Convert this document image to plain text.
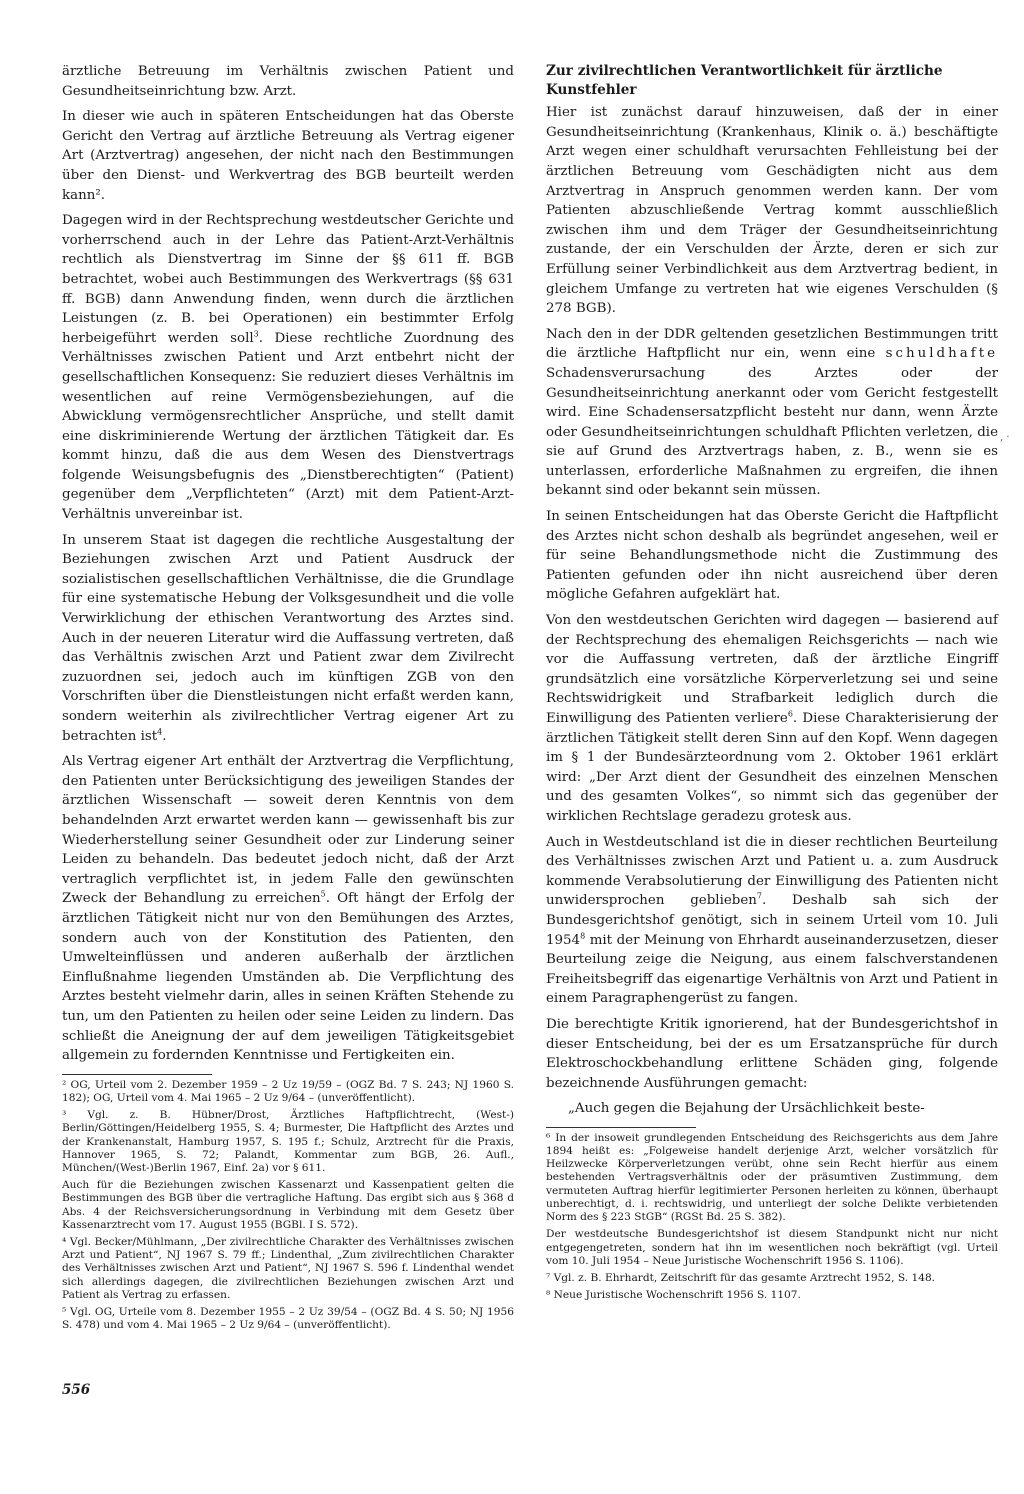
ärztliche Betreuung im Verhältnis zwischen Patient und Gesundheitseinrichtung bzw. Arzt.

In dieser wie auch in späteren Entscheidungen hat das Oberste Gericht den Vertrag auf ärztliche Betreuung als Vertrag eigener Art (Arztvertrag) angesehen, der nicht nach den Bestimmungen über den Dienst- und Werkvertrag des BGB beurteilt werden kann².

Dagegen wird in der Rechtsprechung westdeutscher Gerichte und vorherrschend auch in der Lehre das Patient-Arzt-Verhältnis rechtlich als Dienstvertrag im Sinne der §§ 611 ff. BGB betrachtet, wobei auch Bestimmungen des Werkvertrags (§§ 631 ff. BGB) dann Anwendung finden, wenn durch die ärztlichen Leistungen (z. B. bei Operationen) ein bestimmter Erfolg herbeigeführt werden soll$^3$. Diese rechtliche Zuordnung des Verhältnisses zwischen Patient und Arzt entbehrt nicht der gesellschaftlichen Konsequenz: Sie reduziert dieses Verhältnis im wesentlichen auf reine Vermögensbeziehungen, auf die Abwicklung vermögensrechtlicher Ansprüche, und stellt damit eine diskriminierende Wertung der ärztlichen Tätigkeit dar. Es kommt hinzu, daß die aus dem Wesen des Dienstvertrags folgende Weisungsbefugnis des „Dienstberechtigten“ (Patient) gegenüber dem „Verpflichteten“ (Arzt) mit dem Patient-Arzt-Verhältnis unvereinbar ist.

In unserem Staat ist dagegen die rechtliche Ausgestaltung der Beziehungen zwischen Arzt und Patient Ausdruck der sozialistischen gesellschaftlichen Verhältnisse, die die Grundlage für eine systematische Hebung der Volksgesundheit und die volle Verwirklichung der ethischen Verantwortung des Arztes sind. Auch in der neueren Literatur wird die Auffassung vertreten, daß das Verhältnis zwischen Arzt und Patient zwar dem Zivilrecht zuzuordnen sei, jedoch auch im künftigen ZGB von den Vorschriften über die Dienstleistungen nicht erfaßt werden kann, sondern weiterhin als zivilrechtlicher Vertrag eigener Art zu betrachten ist$^4$.

Als Vertrag eigener Art enthält der Arztvertrag die Verpflichtung, den Patienten unter Berücksichtigung des jeweiligen Standes der ärztlichen Wissenschaft — soweit deren Kenntnis von dem behandelnden Arzt erwartet werden kann — gewissenhaft bis zur Wiederherstellung seiner Gesundheit oder zur Linderung seiner Leiden zu behandeln. Das bedeutet jedoch nicht, daß der Arzt vertraglich verpflichtet ist, in jedem Falle den gewünschten Zweck der Behandlung zu erreichen$^5$. Oft hängt der Erfolg der ärztlichen Tätigkeit nicht nur von den Bemühungen des Arztes, sondern auch von der Konstitution des Patienten, den Umwelteinflüssen und anderen außerhalb der ärztlichen Einflußnahme liegenden Umständen ab. Die Verpflichtung des Arztes besteht vielmehr darin, alles in seinen Kräften Stehende zu tun, um den Patienten zu heilen oder seine Leiden zu lindern. Das schließt die Aneignung der auf dem jeweiligen Tätigkeitsgebiet allgemein zu fordernden Kenntnisse und Fertigkeiten ein.

² OG, Urteil vom 2. Dezember 1959 – 2 Uz 19/59 – (OGZ Bd. 7 S. 243; NJ 1960 S. 182); OG, Urteil vom 4. Mai 1965 – 2 Uz 9/64 – (unveröffentlicht).

³ Vgl. z. B. Hübner/Drost, Ärztliches Haftpflichtrecht, (West-) Berlin/Göttingen/Heidelberg 1955, S. 4; Burmester, Die Haftpflicht des Arztes und der Krankenanstalt, Hamburg 1957, S. 195 f.; Schulz, Arztrecht für die Praxis, Hannover 1965, S. 72; Palandt, Kommentar zum BGB, 26. Aufl., München/(West-)Berlin 1967, Einf. 2a) vor § 611.

Auch für die Beziehungen zwischen Kassenarzt und Kassenpatient gelten die Bestimmungen des BGB über die vertragliche Haftung. Das ergibt sich aus § 368 d Abs. 4 der Reichsversicherungsordnung in Verbindung mit dem Gesetz über Kassenarztrecht vom 17. August 1955 (BGBl. I S. 572).

⁴ Vgl. Becker/Mühlmann, „Der zivilrechtliche Charakter des Verhältnisses zwischen Arzt und Patient“, NJ 1967 S. 79 ff.; Lindenthal, „Zum zivilrechtlichen Charakter des Verhältnisses zwischen Arzt und Patient“, NJ 1967 S. 596 f. Lindenthal wendet sich allerdings dagegen, die zivilrechtlichen Beziehungen zwischen Arzt und Patient als Vertrag zu erfassen.

⁵ Vgl. OG, Urteile vom 8. Dezember 1955 – 2 Uz 39/54 – (OGZ Bd. 4 S. 50; NJ 1956 S. 478) und vom 4. Mai 1965 – 2 Uz 9/64 – (unveröffentlicht).

Zur zivilrechtlichen Verantwortlichkeit für ärztliche Kunstfehler

Hier ist zunächst darauf hinzuweisen, daß der in einer Gesundheitseinrichtung (Krankenhaus, Klinik o. ä.) beschäftigte Arzt wegen einer schuldhaft verursachten Fehlleistung bei der ärztlichen Betreuung vom Geschädigten nicht aus dem Arztvertrag in Anspruch genommen werden kann. Der vom Patienten abzuschließende Vertrag kommt ausschließlich zwischen ihm und dem Träger der Gesundheitseinrichtung zustande, der ein Verschulden der Ärzte, deren er sich zur Erfüllung seiner Verbindlichkeit aus dem Arztvertrag bedient, in gleichem Umfange zu vertreten hat wie eigenes Verschulden (§ 278 BGB).

Nach den in der DDR geltenden gesetzlichen Bestimmungen tritt die ärztliche Haftpflicht nur ein, wenn eine schuldhafte Schadensverursachung des Arztes oder der Gesundheitseinrichtung anerkannt oder vom Gericht festgestellt wird. Eine Schadensersatzpflicht besteht nur dann, wenn Ärzte oder Gesundheitseinrichtungen schuldhaft Pflichten verletzen, die sie auf Grund des Arztvertrags haben, z. B., wenn sie es unterlassen, erforderliche Maßnahmen zu ergreifen, die ihnen bekannt sind oder bekannt sein müssen.

In seinen Entscheidungen hat das Oberste Gericht die Haftpflicht des Arztes nicht schon deshalb als begründet angesehen, weil er für seine Behandlungsmethode nicht die Zustimmung des Patienten gefunden oder ihn nicht ausreichend über deren mögliche Gefahren aufgeklärt hat.

Von den westdeutschen Gerichten wird dagegen — basierend auf der Rechtsprechung des ehemaligen Reichsgerichts — nach wie vor die Auffassung vertreten, daß der ärztliche Eingriff grundsätzlich eine vorsätzliche Körperverletzung sei und seine Rechtswidrigkeit und Strafbarkeit lediglich durch die Einwilligung des Patienten verliere$^6$. Diese Charakterisierung der ärztlichen Tätigkeit stellt deren Sinn auf den Kopf. Wenn dagegen im § 1 der Bundesärzteordnung vom 2. Oktober 1961 erklärt wird: „Der Arzt dient der Gesundheit des einzelnen Menschen und des gesamten Volkes“, so nimmt sich das gegenüber der wirklichen Rechtslage geradezu grotesk aus.

Auch in Westdeutschland ist die in dieser rechtlichen Beurteilung des Verhältnisses zwischen Arzt und Patient u. a. zum Ausdruck kommende Verabsolutierung der Einwilligung des Patienten nicht unwidersprochen geblieben$^7$. Deshalb sah sich der Bundesgerichtshof genötigt, sich in seinem Urteil vom 10. Juli 1954$^8$ mit der Meinung von Ehrhardt auseinanderzusetzen, dieser Beurteilung zeige die Neigung, aus einem falschverstandenen Freiheitsbegriff das eigenartige Verhältnis von Arzt und Patient in einem Paragraphengerüst zu fangen.

Die berechtigte Kritik ignorierend, hat der Bundesgerichtshof in dieser Entscheidung, bei der es um Ersatzansprüche für durch Elektroschockbehandlung erlittene Schäden ging, folgende bezeichnende Ausführungen gemacht:

„Auch gegen die Bejahung der Ursächlichkeit beste-

⁶ In der insoweit grundlegenden Entscheidung des Reichsgerichts aus dem Jahre 1894 heißt es: „Folgeweise handelt derjenige Arzt, welcher vorsätzlich für Heilzwecke Körperverletzungen verübt, ohne sein Recht hierfür aus einem bestehenden Vertragsverhältnis oder der präsumtiven Zustimmung, dem vermuteten Auftrag hierfür legitimierter Personen herleiten zu können, überhaupt unberechtigt, d. i. rechtswidrig, und unterliegt der solche Delikte verbietenden Norm des § 223 StGB“ (RGSt Bd. 25 S. 382).

Der westdeutsche Bundesgerichtshof ist diesem Standpunkt nicht nur nicht entgegengetreten, sondern hat ihn im wesentlichen noch bekräftigt (vgl. Urteil vom 10. Juli 1954 – Neue Juristische Wochenschrift 1956 S. 1106).

⁷ Vgl. z. B. Ehrhardt, Zeitschrift für das gesamte Arztrecht 1952, S. 148.

⁸ Neue Juristische Wochenschrift 1956 S. 1107.

556
‚ ·
